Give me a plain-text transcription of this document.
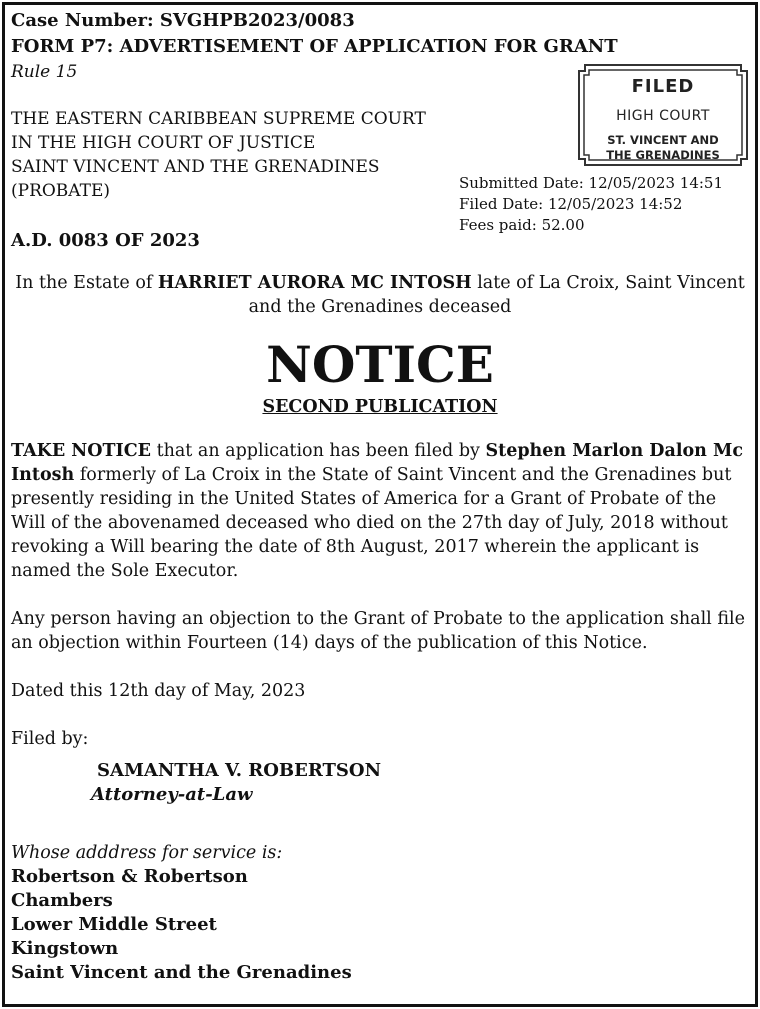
Case Number: SVGHPB2023/0083
FORM P7: ADVERTISEMENT OF APPLICATION FOR GRANT
Rule 15
THE EASTERN CARIBBEAN SUPREME COURT
IN THE HIGH COURT OF JUSTICE
SAINT VINCENT AND THE GRENADINES
(PROBATE)
A.D. 0083 OF 2023
FILED
HIGH COURT
ST. VINCENT AND
THE GRENADINES
Submitted Date: 12/05/2023 14:51
Filed Date: 12/05/2023 14:52
Fees paid: 52.00
In the Estate of HARRIET AURORA MC INTOSH late of La Croix, Saint Vincent and the Grenadines deceased
NOTICE
SECOND PUBLICATION
TAKE NOTICE that an application has been filed by Stephen Marlon Dalon Mc Intosh formerly of La Croix in the State of Saint Vincent and the Grenadines but presently residing in the United States of America for a Grant of Probate of the Will of the abovenamed deceased who died on the 27th day of July, 2018 without revoking a Will bearing the date of 8th August, 2017 wherein the applicant is named the Sole Executor.
Any person having an objection to the Grant of Probate to the application shall file an objection within Fourteen (14) days of the publication of this Notice.
Dated this 12th day of May, 2023
Filed by:
SAMANTHA V. ROBERTSON
Attorney-at-Law
Whose adddress for service is:
Robertson & Robertson
Chambers
Lower Middle Street
Kingstown
Saint Vincent and the Grenadines
